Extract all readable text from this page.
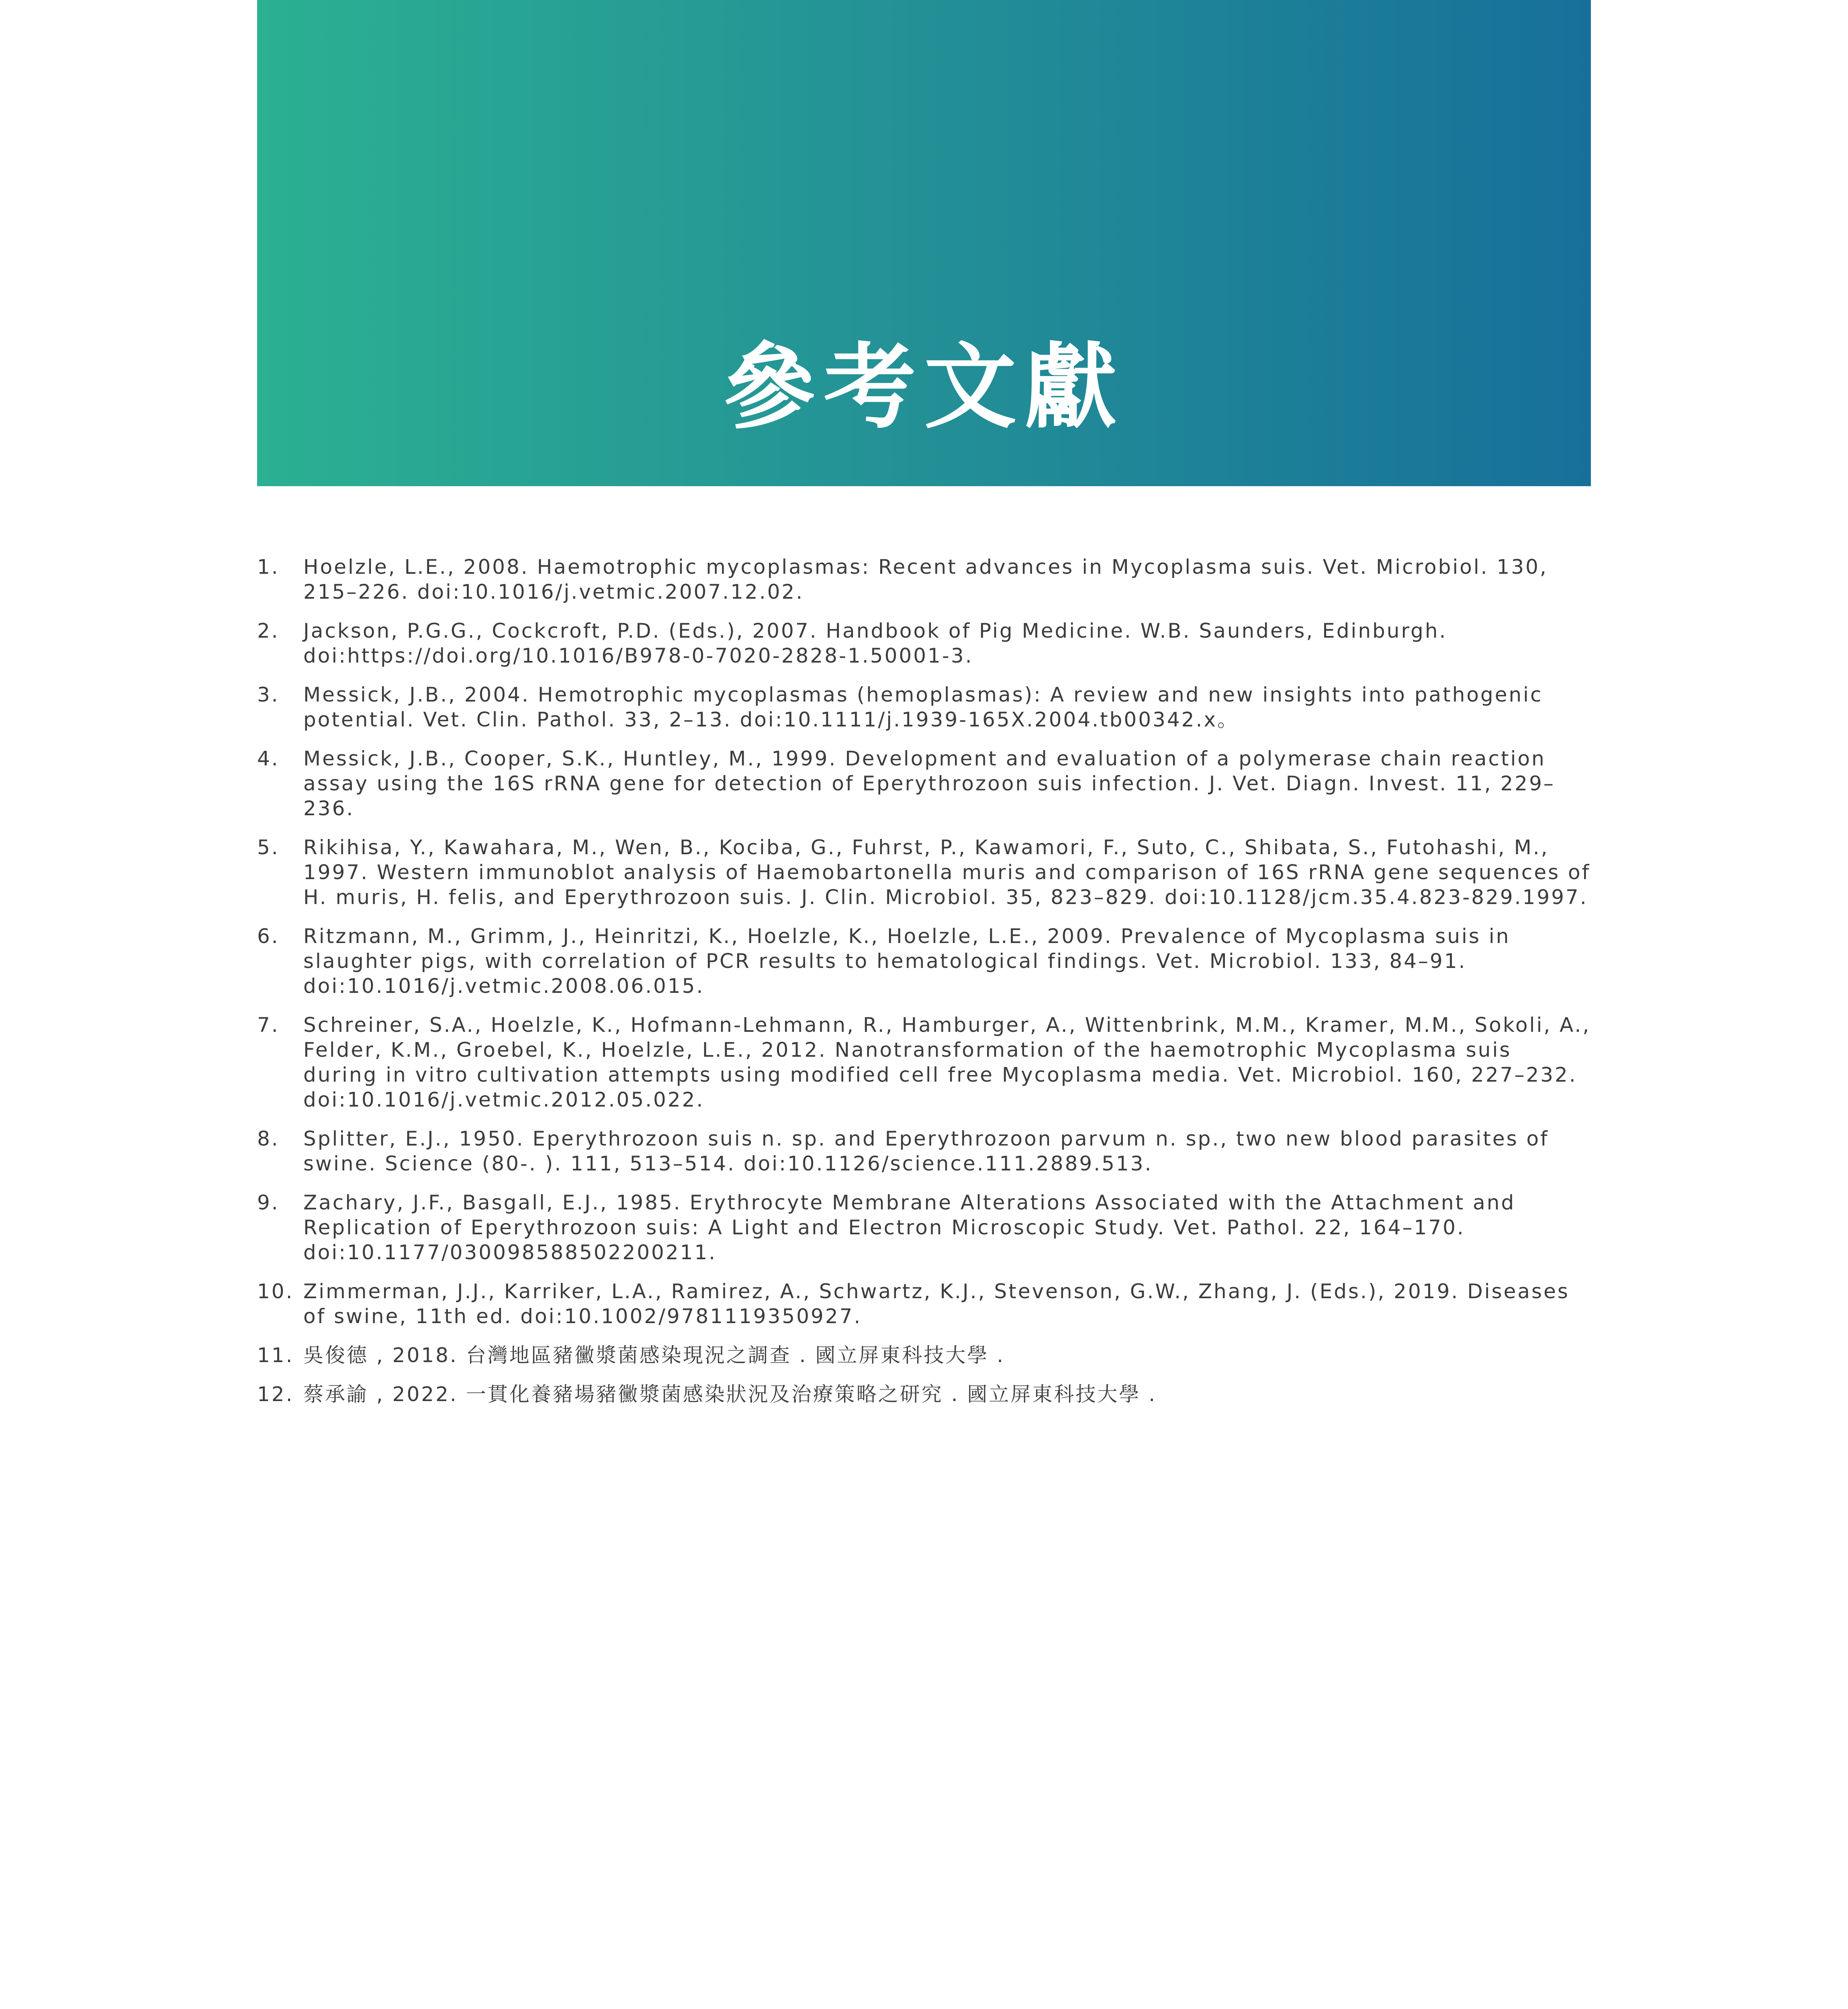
參考文獻
1. Hoelzle, L.E., 2008. Haemotrophic mycoplasmas: Recent advances in Mycoplasma suis. Vet. Microbiol. 130, 215–226. doi:10.1016/j.vetmic.2007.12.02.
2. Jackson, P.G.G., Cockcroft, P.D. (Eds.), 2007. Handbook of Pig Medicine. W.B. Saunders, Edinburgh. doi:https://doi.org/10.1016/B978-0-7020-2828-1.50001-3.
3. Messick, J.B., 2004. Hemotrophic mycoplasmas (hemoplasmas): A review and new insights into pathogenic potential. Vet. Clin. Pathol. 33, 2–13. doi:10.1111/j.1939-165X.2004.tb00342.x。
4. Messick, J.B., Cooper, S.K., Huntley, M., 1999. Development and evaluation of a polymerase chain reaction assay using the 16S rRNA gene for detection of Eperythrozoon suis infection. J. Vet. Diagn. Invest. 11, 229–236.
5. Rikihisa, Y., Kawahara, M., Wen, B., Kociba, G., Fuhrst, P., Kawamori, F., Suto, C., Shibata, S., Futohashi, M., 1997. Western immunoblot analysis of Haemobartonella muris and comparison of 16S rRNA gene sequences of H. muris, H. felis, and Eperythrozoon suis. J. Clin. Microbiol. 35, 823–829. doi:10.1128/jcm.35.4.823-829.1997.
6. Ritzmann, M., Grimm, J., Heinritzi, K., Hoelzle, K., Hoelzle, L.E., 2009. Prevalence of Mycoplasma suis in slaughter pigs, with correlation of PCR results to hematological findings. Vet. Microbiol. 133, 84–91. doi:10.1016/j.vetmic.2008.06.015.
7. Schreiner, S.A., Hoelzle, K., Hofmann-Lehmann, R., Hamburger, A., Wittenbrink, M.M., Kramer, M.M., Sokoli, A., Felder, K.M., Groebel, K., Hoelzle, L.E., 2012. Nanotransformation of the haemotrophic Mycoplasma suis during in vitro cultivation attempts using modified cell free Mycoplasma media. Vet. Microbiol. 160, 227–232. doi:10.1016/j.vetmic.2012.05.022.
8. Splitter, E.J., 1950. Eperythrozoon suis n. sp. and Eperythrozoon parvum n. sp., two new blood parasites of swine. Science (80-. ). 111, 513–514. doi:10.1126/science.111.2889.513.
9. Zachary, J.F., Basgall, E.J., 1985. Erythrocyte Membrane Alterations Associated with the Attachment and Replication of Eperythrozoon suis: A Light and Electron Microscopic Study. Vet. Pathol. 22, 164–170. doi:10.1177/030098588502200211.
10. Zimmerman, J.J., Karriker, L.A., Ramirez, A., Schwartz, K.J., Stevenson, G.W., Zhang, J. (Eds.), 2019. Diseases of swine, 11th ed. doi:10.1002/9781119350927.
11. 吳俊德 , 2018. 台灣地區豬黴漿菌感染現況之調查 . 國立屏東科技大學 .
12. 蔡承諭 , 2022. 一貫化養豬場豬黴漿菌感染狀況及治療策略之研究 . 國立屏東科技大學 .
